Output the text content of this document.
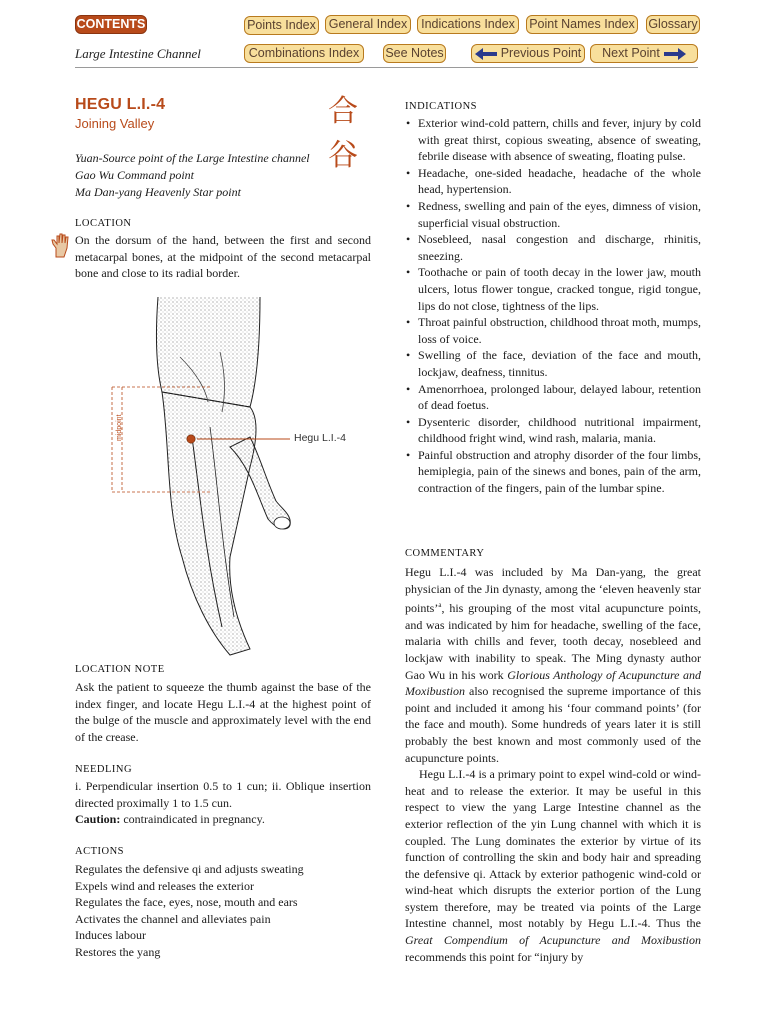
CONTENTS	Points Index General Index	Indications Index	Point Names Index Glossary
Large Intestine Channel	Combinations Index	See Notes	Previous Point Next Point
HEGU L.I.-4
Joining Valley	合
谷
Yuan-Source point of the Large Intestine channel
Gao Wu Command point
Ma Dan-yang Heavenly Star point
LOCATION
On the dorsum of the hand, between the first and second metacarpal bones, at the midpoint of the second metacarpal bone and close to its radial border.
Hegu L.I.-4
midpoint
LOCATION NOTE
Ask the patient to squeeze the thumb against the base of the index finger, and locate Hegu L.I.-4 at the highest point of the bulge of the muscle and approximately level with the end of the crease.
NEEDLING
i. Perpendicular insertion 0.5 to 1 cun; ii. Oblique insertion directed proximally 1 to 1.5 cun.
Caution: contraindicated in pregnancy.
ACTIONS
Regulates the defensive qi and adjusts sweating
Expels wind and releases the exterior
Regulates the face, eyes, nose, mouth and ears
Activates the channel and alleviates pain
Induces labour
Restores the yang
INDICATIONS
• Exterior wind-cold pattern, chills and fever, injury by cold with great thirst, copious sweating, absence of sweating, febrile disease with absence of sweating, floating pulse.
• Headache, one-sided headache, headache of the whole head, hypertension.
• Redness, swelling and pain of the eyes, dimness of vision, superficial visual obstruction.
• Nosebleed, nasal congestion and discharge, rhinitis, sneezing.
• Toothache or pain of tooth decay in the lower jaw, mouth ulcers, lotus flower tongue, cracked tongue, rigid tongue, lips do not close, tightness of the lips.
• Throat painful obstruction, childhood throat moth, mumps, loss of voice.
• Swelling of the face, deviation of the face and mouth, lockjaw, deafness, tinnitus.
• Amenorrhoea, prolonged labour, delayed labour, retention of dead foetus.
• Dysenteric disorder, childhood nutritional impairment, childhood fright wind, wind rash, malaria, mania.
• Painful obstruction and atrophy disorder of the four limbs, hemiplegia, pain of the sinews and bones, pain of the arm, contraction of the fingers, pain of the lumbar spine.
COMMENTARY

Hegu L.I.-4 was included by Ma Dan-yang, the great physician of the Jin dynasty, among the ‘eleven heavenly star points’$^a$, his grouping of the most vital acupuncture points, and was indicated by him for headache, swelling of the face, malaria with chills and fever, tooth decay, nosebleed and lockjaw with inability to speak. The Ming dynasty author Gao Wu in his work Glorious Anthology of Acupuncture and Moxibustion also recognised the supreme importance of this point and included it among his ‘four command points’ (for the face and mouth). Some hundreds of years later it is still probably the best known and most commonly used of the acupuncture points.

Hegu L.I.-4 is a primary point to expel wind-cold or wind-heat and to release the exterior. It may be useful in this respect to view the yang Large Intestine channel as the exterior reflection of the yin Lung channel with which it is coupled. The Lung dominates the exterior by virtue of its function of controlling the skin and body hair and spreading the defensive qi. Attack by exterior pathogenic wind-cold or wind-heat which disrupts the exterior portion of the Lung system therefore, may be treated via points of the Large Intestine channel, most notably by Hegu L.I.-4. Thus the Great Compendium of Acupuncture and Moxibustion recommends this point for “injury by
